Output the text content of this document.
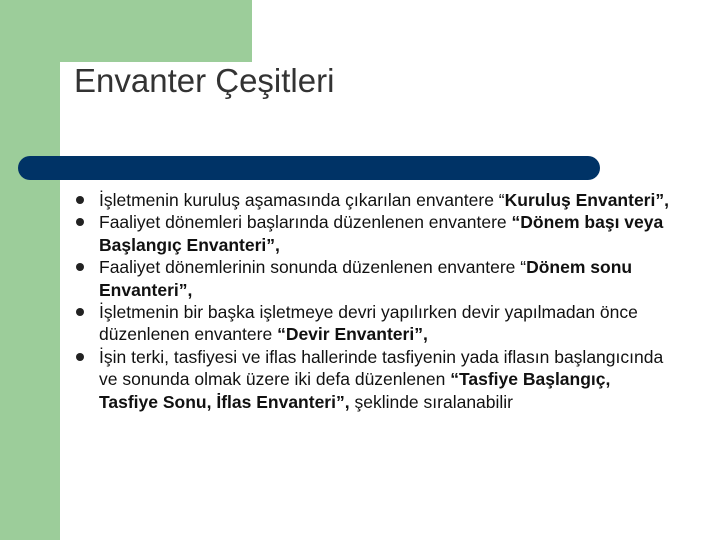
Envanter Çeşitleri
İşletmenin kuruluş aşamasında çıkarılan envantere “Kuruluş Envanteri”,
Faaliyet dönemleri başlarında düzenlenen envantere “Dönem başı veya Başlangıç Envanteri”,
Faaliyet dönemlerinin sonunda düzenlenen envantere “Dönem sonu Envanteri”,
İşletmenin bir başka işletmeye devri yapılırken devir yapılmadan önce düzenlenen envantere “Devir Envanteri”,
İşin terki, tasfiyesi ve iflas hallerinde tasfiyenin yada iflasın başlangıcında ve sonunda olmak üzere iki defa düzenlenen “Tasfiye Başlangıç, Tasfiye Sonu, İflas Envanteri”, şeklinde sıralanabilir
